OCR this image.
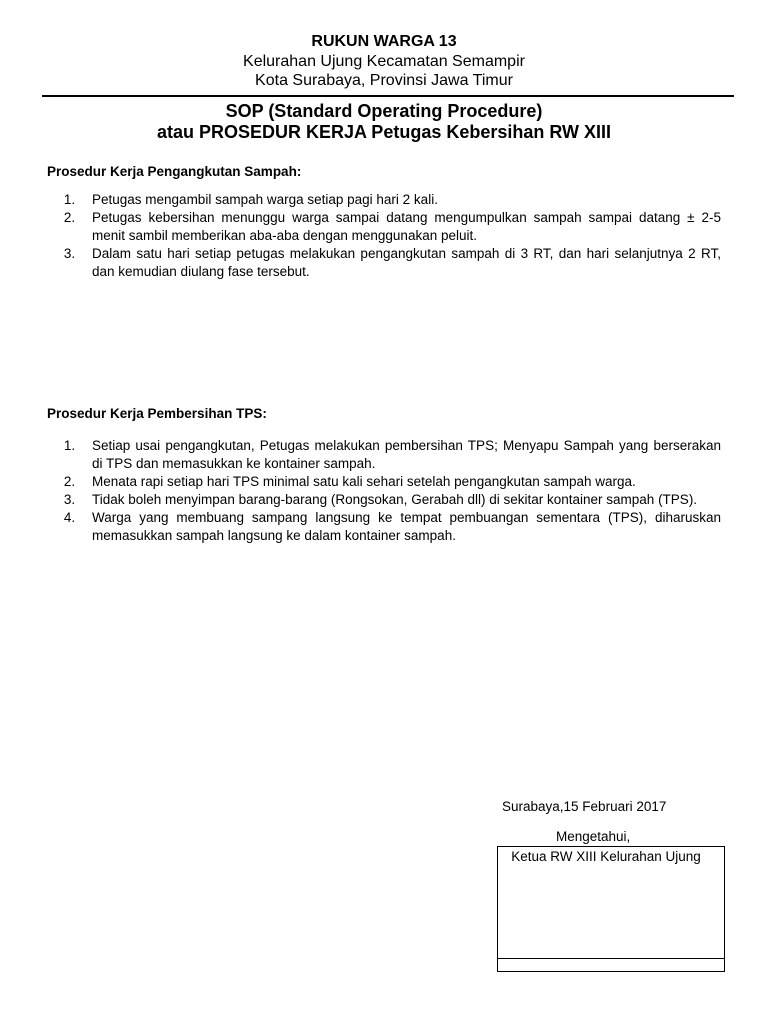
RUKUN WARGA 13
Kelurahan Ujung Kecamatan Semampir
Kota Surabaya, Provinsi Jawa Timur
SOP (Standard Operating Procedure)
atau PROSEDUR KERJA Petugas Kebersihan RW XIII
Prosedur Kerja Pengangkutan Sampah:
1.	Petugas mengambil sampah warga setiap pagi hari 2 kali.
2.	Petugas kebersihan menunggu warga sampai datang mengumpulkan sampah sampai datang ± 2-5 menit sambil memberikan aba-aba dengan menggunakan peluit.
3.	Dalam satu hari setiap petugas melakukan pengangkutan sampah di 3 RT, dan hari selanjutnya 2 RT, dan kemudian diulang fase tersebut.
Prosedur Kerja Pembersihan TPS:
1.	Setiap usai pengangkutan, Petugas melakukan pembersihan TPS; Menyapu Sampah yang berserakan di TPS dan memasukkan ke kontainer sampah.
2.	Menata rapi setiap hari TPS minimal satu kali sehari setelah pengangkutan sampah warga.
3.	Tidak boleh menyimpan barang-barang (Rongsokan, Gerabah dll) di sekitar kontainer sampah (TPS).
4.	Warga yang membuang sampang langsung ke tempat pembuangan sementara (TPS), diharuskan memasukkan sampah langsung ke dalam kontainer sampah.
Surabaya,15 Februari 2017
Mengetahui,
Ketua RW XIII Kelurahan Ujung
